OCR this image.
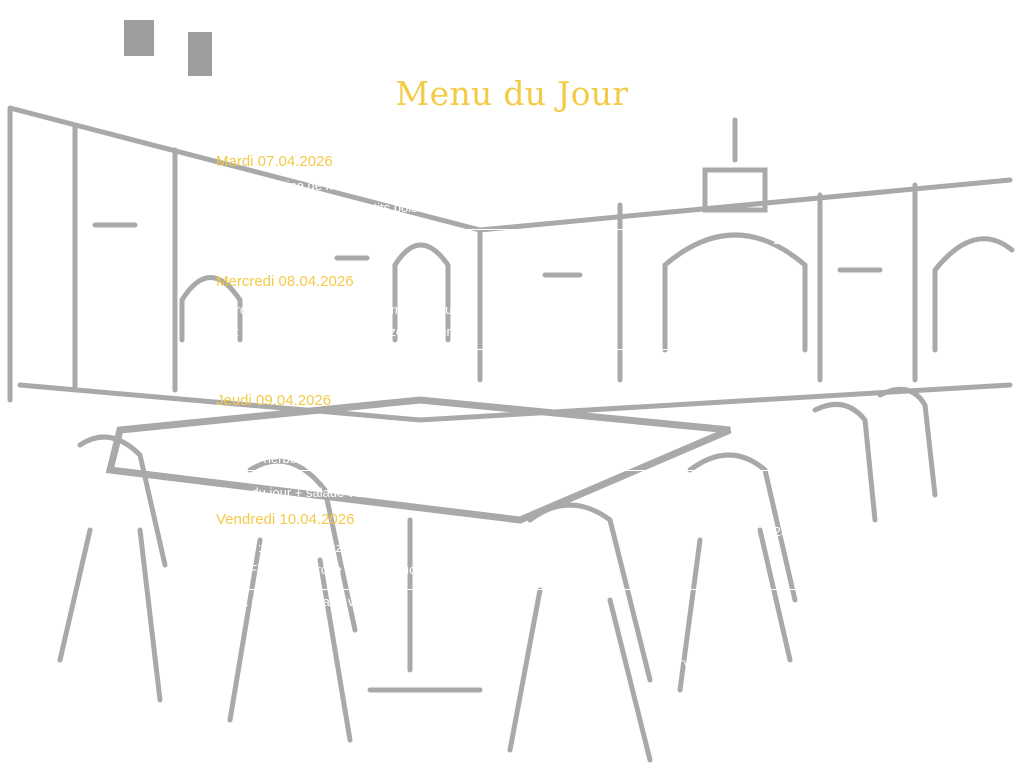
Menu du Jour
Mardi 07.04.2026
Entrée : Tartine de houmous
Plat : Poulet rôti, frites & petits pois
Pizza du jour + salade verte	21.-
Mercredi 08.04.2026
Entrée : Salade de pâtes, légumes & sauce
Plat : Risotto aux noix, gorgonzola & poire
Pizza du jour + salade verte
Jeudi 09.04.2026
23.50
Plat : ... herbes
Pizza du jour + salade verte	21.-
Vendredi 10.04.2026
Entrée : Tomate mozzarella
23.-
Plat : Filets de perche panés, sauce tartare & frites
Pizza du jour + salade verte
TVA incluse
